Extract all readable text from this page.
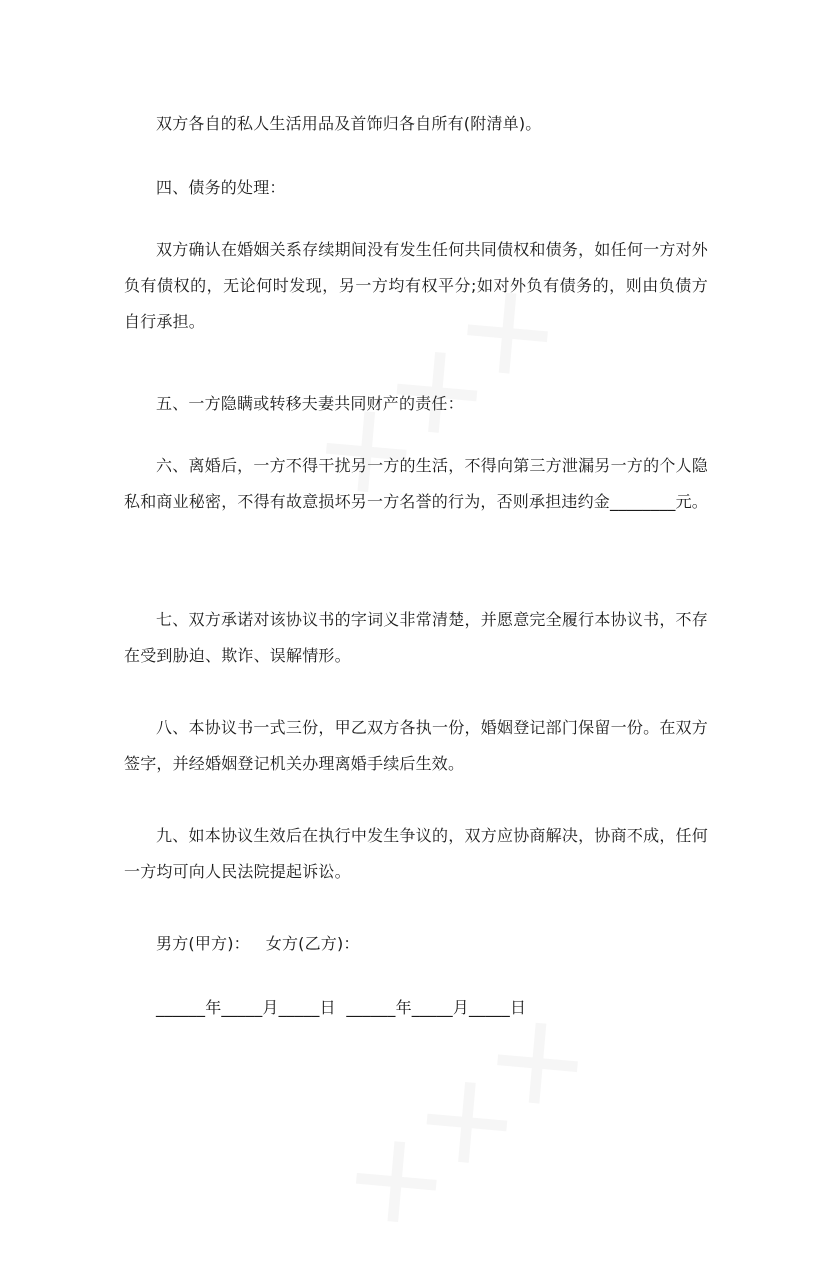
双方各自的私人生活用品及首饰归各自所有(附清单)。

四、债务的处理：

双方确认在婚姻关系存续期间没有发生任何共同债权和债务，如任何一方对外负有债权的，无论何时发现，另一方均有权平分;如对外负有债务的，则由负债方自行承担。

五、一方隐瞒或转移夫妻共同财产的责任：

六、离婚后，一方不得干扰另一方的生活，不得向第三方泄漏另一方的个人隐私和商业秘密，不得有故意损坏另一方名誉的行为，否则承担违约金________元。

七、双方承诺对该协议书的字词义非常清楚，并愿意完全履行本协议书，不存在受到胁迫、欺诈、误解情形。

八、本协议书一式三份，甲乙双方各执一份，婚姻登记部门保留一份。在双方签字，并经婚姻登记机关办理离婚手续后生效。

九、如本协议生效后在执行中发生争议的，双方应协商解决，协商不成，任何一方均可向人民法院提起诉讼。

男方(甲方)：   女方(乙方)：

______年_____月_____日  ______年_____月_____日
